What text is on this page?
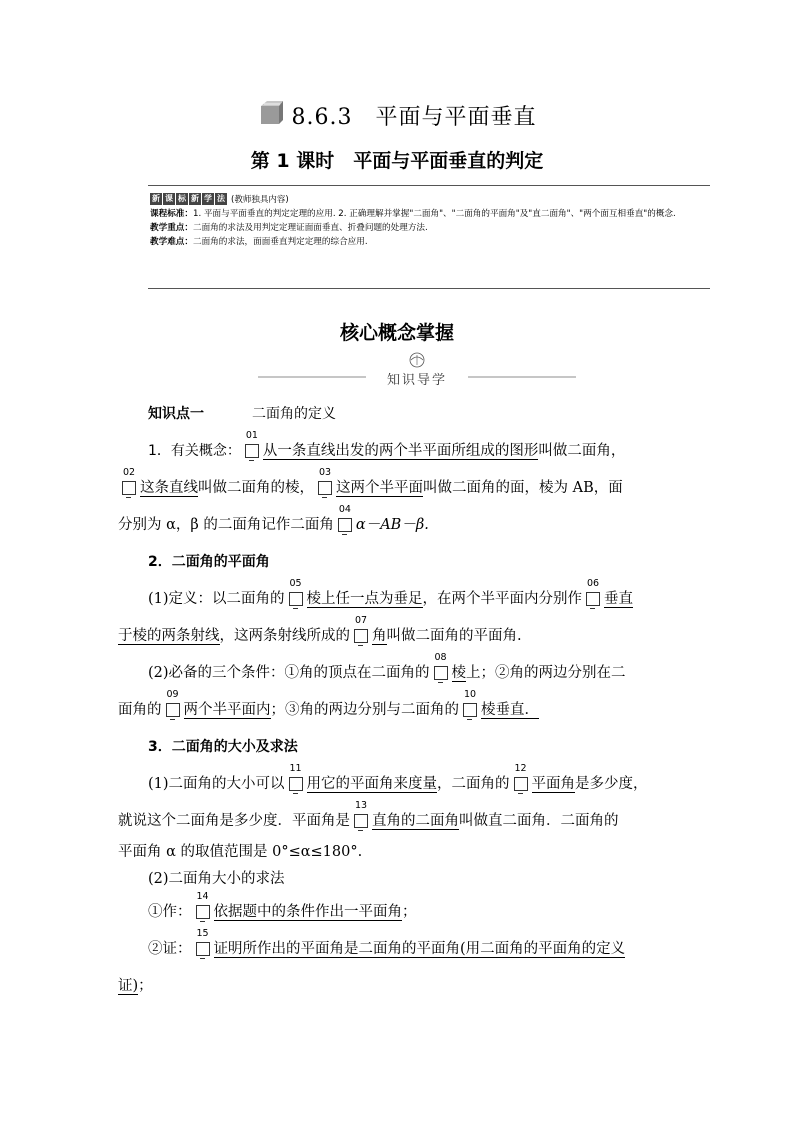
8.6.3　平面与平面垂直
第 1 课时　平面与平面垂直的判定
新 课 标 新 学 法 (教师独具内容)
课程标准：1. 平面与平面垂直的判定定理的应用. 2. 正确理解并掌握"二面角"、"二面角的平面角"及"直二面角"、"两个面互相垂直"的概念.
教学重点：二面角的求法及用判定定理证面面垂直、折叠问题的处理方法.
教学难点：二面角的求法，面面垂直判定定理的综合应用.
核心概念掌握
知识导学

知识点一	二面角的定义

1．有关概念：
01
从一条直线出发的两个半平面所组成的图形叫做二面角，

02
这条直线叫做二面角的棱，
03
这两个半平面叫做二面角的面，棱为 AB，面

分别为 α，β 的二面角记作二面角
04
α－AB－β.

2．二面角的平面角

(1)定义：以二面角的
05
棱上任一点为垂足，在两个半平面内分别作
06
垂直

于棱的两条射线，这两条射线所成的
07
角叫做二面角的平面角.

(2)必备的三个条件：①角的顶点在二面角的
08
棱上；②角的两边分别在二

面角的
09
两个半平面内；③角的两边分别与二面角的
10
棱垂直．

3．二面角的大小及求法

(1)二面角的大小可以
11
用它的平面角来度量，二面角的
12
平面角是多少度，

就说这个二面角是多少度．平面角是
13
直角的二面角叫做直二面角．二面角的

平面角 α 的取值范围是 0°≤α≤180°.

(2)二面角大小的求法

①作：
14
依据题中的条件作出一平面角；

②证：
15
证明所作出的平面角是二面角的平面角(用二面角的平面角的定义

证)；
